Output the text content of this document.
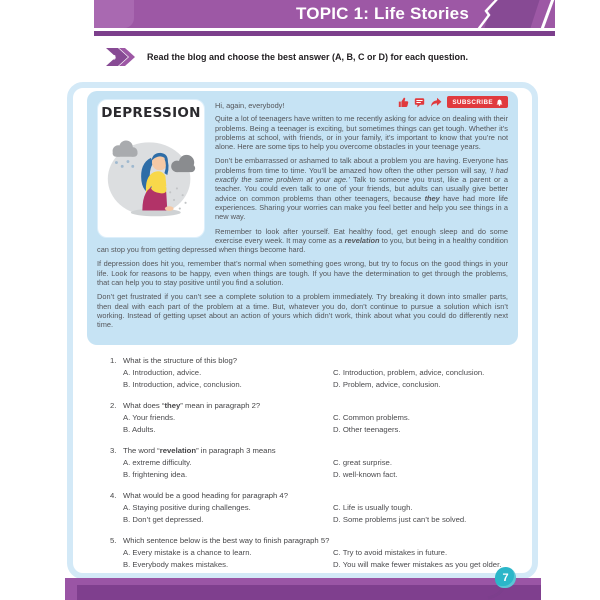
TOPIC 1: Life Stories
05	Read the blog and choose the best answer (A, B, C or D) for each question.
SUBSCRIBE
DEPRESSION	Hi, again, everybody!

Quite a lot of teenagers have written to me recently asking for advice on dealing with their problems. Being a teenager is exciting, but sometimes things can get tough. Whether it’s problems at school, with friends, or in your family, it’s important to know that you’re not alone. Here are some tips to help you overcome obstacles in your teenage years.

Don’t be embarrassed or ashamed to talk about a problem you are having. Everyone has problems from time to time. You’ll be amazed how often the other person will say, ‘I had exactly the same problem at your age.’ Talk to someone you trust, like a parent or a teacher. You could even talk to one of your friends, but adults can usually give better advice on common problems than other teenagers, because they have had more life experiences. Sharing your worries can make you feel better and help you see things in a new way.

Remember to look after yourself. Eat healthy food, get enough sleep and do some exercise every week. It may come as a revelation to you, but being in a healthy condition can stop you from getting depressed when things become hard.

If depression does hit you, remember that’s normal when something goes wrong, but try to focus on the good things in your life. Look for reasons to be happy, even when things are tough. If you have the determination to get through the problems, that can help you to stay positive until you find a solution.

Don’t get frustrated if you can’t see a complete solution to a problem immediately. Try breaking it down into smaller parts, then deal with each part of the problem at a time. But, whatever you do, don’t continue to pursue a solution which isn’t working. Instead of getting upset about an action of yours which didn’t work, think about what you could do differently next time.

1. What is the structure of this blog?
A. Introduction, advice.	C. Introduction, problem, advice, conclusion.
B. Introduction, advice, conclusion.	D. Problem, advice, conclusion.
2. What does “they” mean in paragraph 2?
A. Your friends.	C. Common problems.
B. Adults.	D. Other teenagers.
3. The word “revelation” in paragraph 3 means
A. extreme difficulty.	C. great surprise.
B. frightening idea.	D. well-known fact.
4. What would be a good heading for paragraph 4?
A. Staying positive during challenges.	C. Life is usually tough.
B. Don’t get depressed.	D. Some problems just can’t be solved.
5. Which sentence below is the best way to finish paragraph 5?
A. Every mistake is a chance to learn.	C. Try to avoid mistakes in future.
B. Everybody makes mistakes.	D. You will make fewer mistakes as you get older.
7
